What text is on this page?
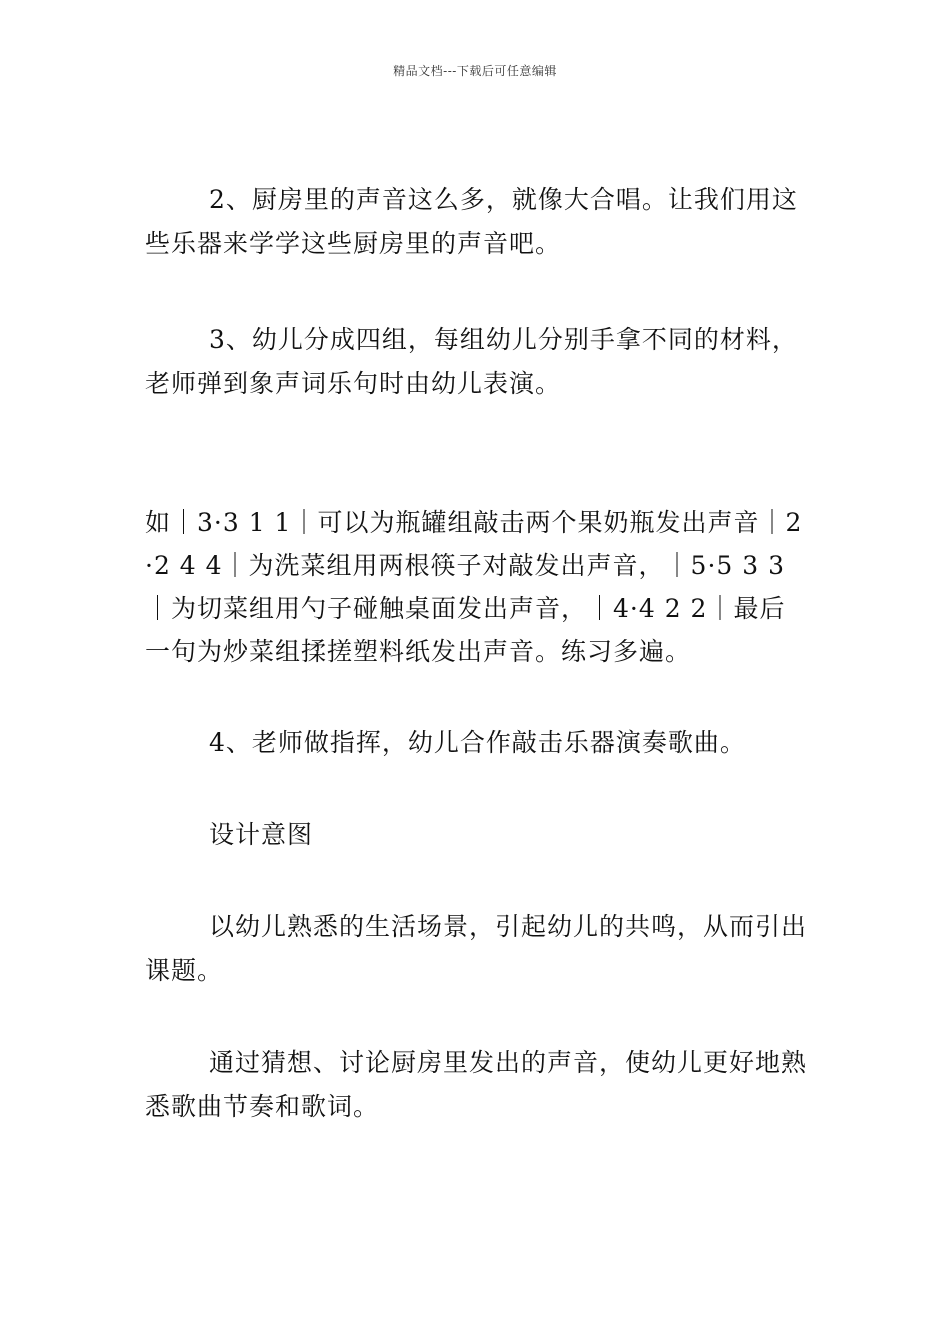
精品文档---下载后可任意编辑

2、厨房里的声音这么多，就像大合唱。让我们用这些乐器来学学这些厨房里的声音吧。

3、幼儿分成四组，每组幼儿分别手拿不同的材料，老师弹到象声词乐句时由幼儿表演。

如｜3·3 1 1｜可以为瓶罐组敲击两个果奶瓶发出声音｜2·2 4 4｜为洗菜组用两根筷子对敲发出声音，｜5·5 3 3｜为切菜组用勺子碰触桌面发出声音，｜4·4 2 2｜最后一句为炒菜组揉搓塑料纸发出声音。练习多遍。

4、老师做指挥，幼儿合作敲击乐器演奏歌曲。

设计意图

以幼儿熟悉的生活场景，引起幼儿的共鸣，从而引出课题。

通过猜想、讨论厨房里发出的声音，使幼儿更好地熟悉歌曲节奏和歌词。
